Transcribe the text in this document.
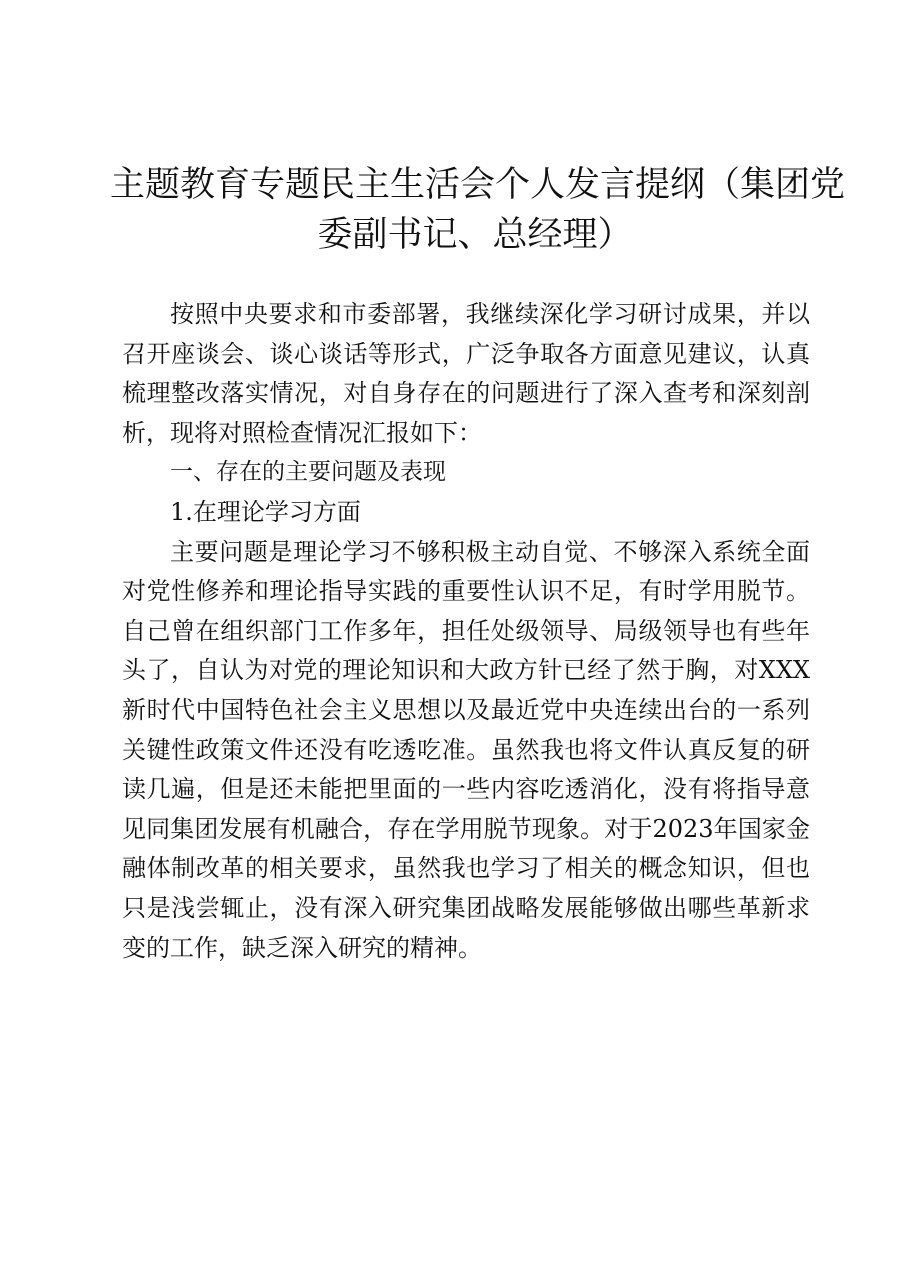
主题教育专题民主生活会个人发言提纲（集团党
委副书记、总经理）
按照中央要求和市委部署，我继续深化学习研讨成果，并以
召开座谈会、谈心谈话等形式，广泛争取各方面意见建议，认真
梳理整改落实情况，对自身存在的问题进行了深入查考和深刻剖
析，现将对照检查情况汇报如下：
一、存在的主要问题及表现
1.在理论学习方面
主要问题是理论学习不够积极主动自觉、不够深入系统全面
对党性修养和理论指导实践的重要性认识不足，有时学用脱节。
自己曾在组织部门工作多年，担任处级领导、局级领导也有些年
头了，自认为对党的理论知识和大政方针已经了然于胸，对XXX
新时代中国特色社会主义思想以及最近党中央连续出台的一系列
关键性政策文件还没有吃透吃准。虽然我也将文件认真反复的研
读几遍，但是还未能把里面的一些内容吃透消化，没有将指导意
见同集团发展有机融合，存在学用脱节现象。对于2023年国家金
融体制改革的相关要求，虽然我也学习了相关的概念知识，但也
只是浅尝辄止，没有深入研究集团战略发展能够做出哪些革新求
变的工作，缺乏深入研究的精神。
